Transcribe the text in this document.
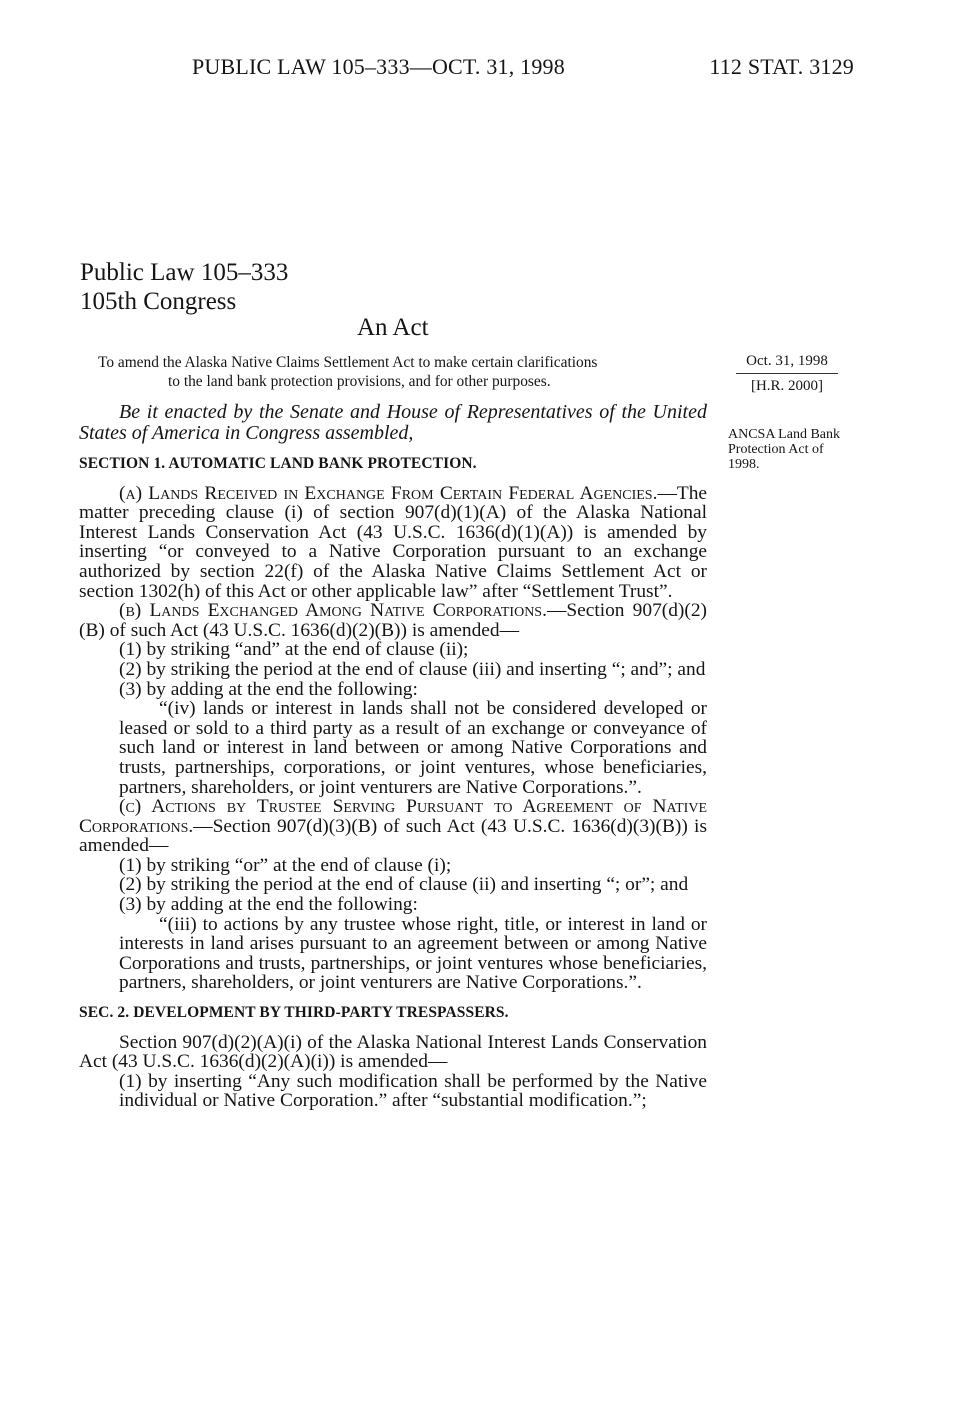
PUBLIC LAW 105–333—OCT. 31, 1998	112 STAT. 3129
Public Law 105–333
105th Congress
An Act
To amend the Alaska Native Claims Settlement Act to make certain clarifications
to the land bank protection provisions, and for other purposes.
Oct. 31, 1998
[H.R. 2000]
ANCSA Land Bank Protection Act of 1998.

Be it enacted by the Senate and House of Representatives of the United States of America in Congress assembled,

SECTION 1. AUTOMATIC LAND BANK PROTECTION.

(a) Lands Received in Exchange From Certain Federal Agencies.—The matter preceding clause (i) of section 907(d)(1)(A) of the Alaska National Interest Lands Conservation Act (43 U.S.C. 1636(d)(1)(A)) is amended by inserting “or conveyed to a Native Corporation pursuant to an exchange authorized by section 22(f) of the Alaska Native Claims Settlement Act or section 1302(h) of this Act or other applicable law” after “Settlement Trust”.

(b) Lands Exchanged Among Native Corporations.—Section 907(d)(2)(B) of such Act (43 U.S.C. 1636(d)(2)(B)) is amended—

(1) by striking “and” at the end of clause (ii);

(2) by striking the period at the end of clause (iii) and inserting “; and”; and

(3) by adding at the end the following:

“(iv) lands or interest in lands shall not be considered developed or leased or sold to a third party as a result of an exchange or conveyance of such land or interest in land between or among Native Corporations and trusts, partnerships, corporations, or joint ventures, whose beneficiaries, partners, shareholders, or joint venturers are Native Corporations.”.

(c) Actions by Trustee Serving Pursuant to Agreement of Native Corporations.—Section 907(d)(3)(B) of such Act (43 U.S.C. 1636(d)(3)(B)) is amended—

(1) by striking “or” at the end of clause (i);

(2) by striking the period at the end of clause (ii) and inserting “; or”; and

(3) by adding at the end the following:

“(iii) to actions by any trustee whose right, title, or interest in land or interests in land arises pursuant to an agreement between or among Native Corporations and trusts, partnerships, or joint ventures whose beneficiaries, partners, shareholders, or joint venturers are Native Corporations.”.

SEC. 2. DEVELOPMENT BY THIRD-PARTY TRESPASSERS.

Section 907(d)(2)(A)(i) of the Alaska National Interest Lands Conservation Act (43 U.S.C. 1636(d)(2)(A)(i)) is amended—

(1) by inserting “Any such modification shall be performed by the Native individual or Native Corporation.” after “substantial modification.”;
